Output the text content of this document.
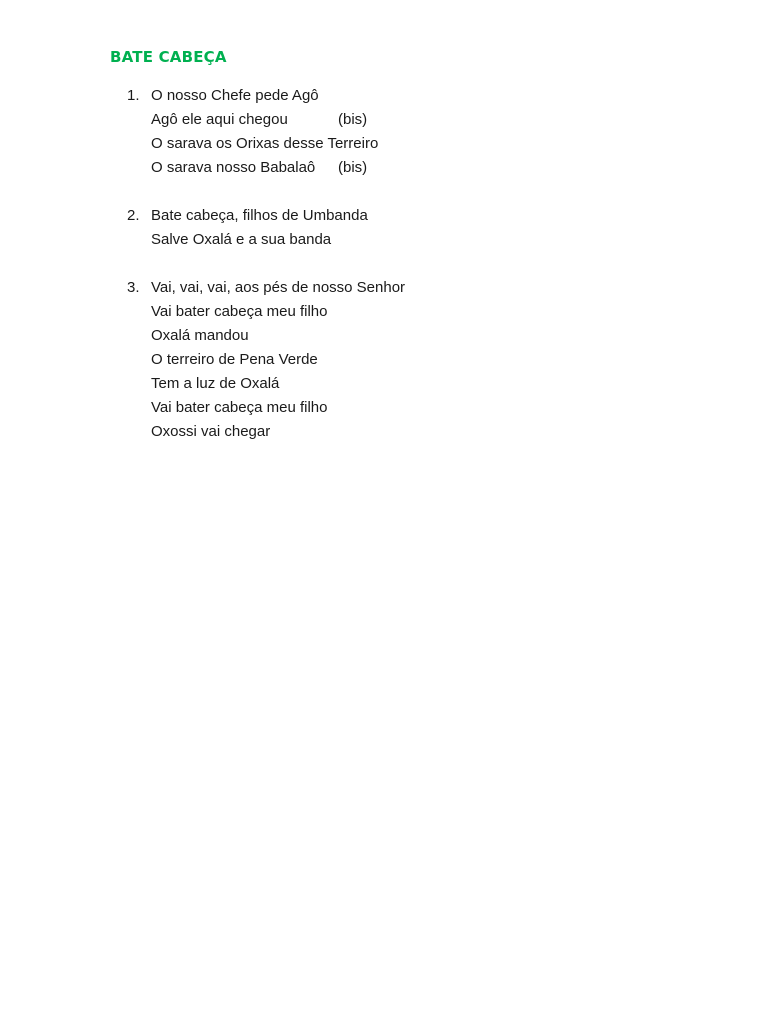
BATE CABEÇA
1. O nosso Chefe pede Agô
Agô ele aqui chegou
O sarava os Orixas desse Terreiro
O sarava nosso Babalaô
(bis)
(bis)
2. Bate cabeça, filhos de Umbanda
Salve Oxalá e a sua banda
3. Vai, vai, vai, aos pés de nosso Senhor
Vai bater cabeça meu filho
Oxalá mandou
O terreiro de Pena Verde
Tem a luz de Oxalá
Vai bater cabeça meu filho
Oxossi vai chegar
